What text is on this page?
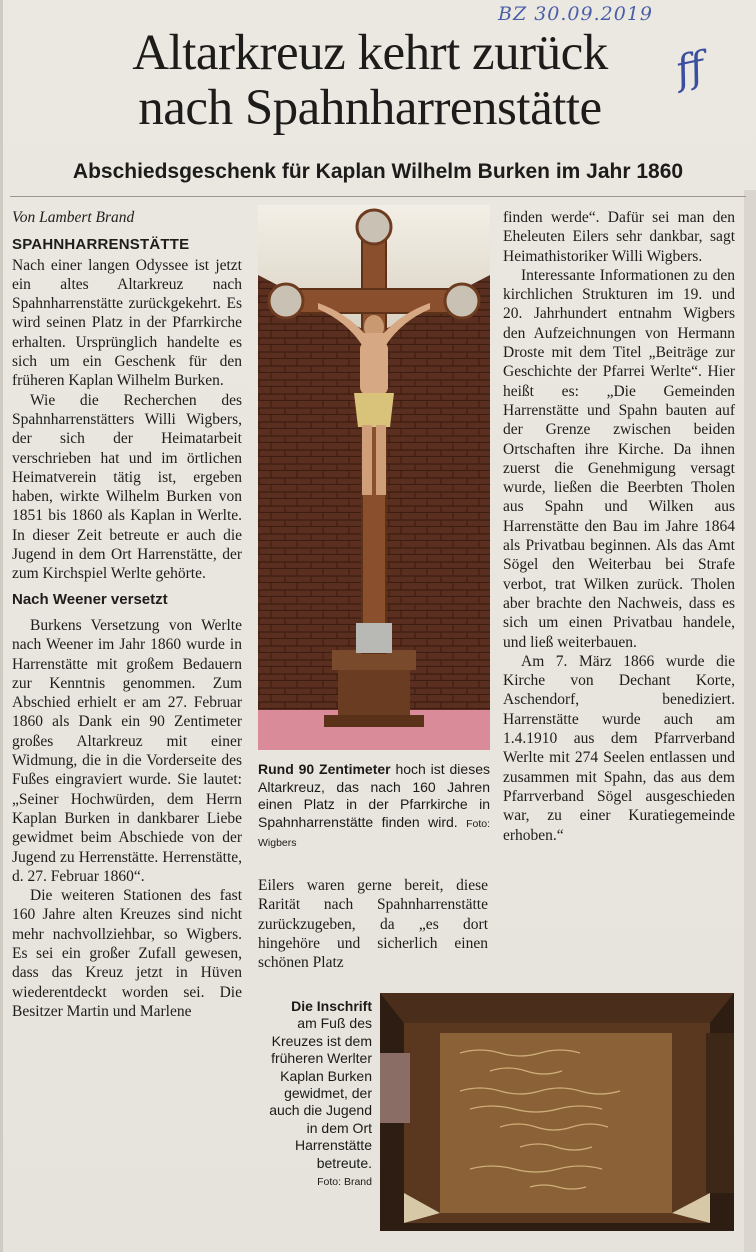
BZ 30.09.2019
ff
Altarkreuz kehrt zurück
nach Spahnharrenstätte
Abschiedsgeschenk für Kaplan Wilhelm Burken im Jahr 1860

Von Lambert Brand

SPAHNHARRENSTÄTTE
Nach einer langen Odyssee ist jetzt ein altes Altarkreuz nach Spahnharrenstätte zurückgekehrt. Es wird seinen Platz in der Pfarrkirche erhalten. Ursprünglich handelte es sich um ein Geschenk für den früheren Kaplan Wilhelm Burken.

Wie die Recherchen des Spahnharrenstätters Willi Wigbers, der sich der Heimatarbeit verschrieben hat und im örtlichen Heimatverein tätig ist, ergeben haben, wirkte Wilhelm Burken von 1851 bis 1860 als Kaplan in Werlte. In dieser Zeit betreute er auch die Jugend in dem Ort Harrenstätte, der zum Kirchspiel Werlte gehörte.

Nach Weener versetzt

Burkens Versetzung von Werlte nach Weener im Jahr 1860 wurde in Harrenstätte mit großem Bedauern zur Kenntnis genommen. Zum Abschied erhielt er am 27. Februar 1860 als Dank ein 90 Zentimeter großes Altarkreuz mit einer Widmung, die in die Vorderseite des Fußes eingraviert wurde. Sie lautet: „Seiner Hochwürden, dem Herrn Kaplan Burken in dankbarer Liebe gewidmet beim Abschiede von der Jugend zu Herrenstätte. Herrenstätte, d. 27. Februar 1860“.

Die weiteren Stationen des fast 160 Jahre alten Kreuzes sind nicht mehr nachvollziehbar, so Wigbers. Es sei ein großer Zufall gewesen, dass das Kreuz jetzt in Hüven wiederentdeckt worden sei. Die Besitzer Martin und Marlene

Rund 90 Zentimeter hoch ist dieses Altarkreuz, das nach 160 Jahren einen Platz in der Pfarrkirche in Spahnharrenstätte finden wird. Foto: Wigbers

Eilers waren gerne bereit, diese Rarität nach Spahnharrenstätte zurückzugeben, da „es dort hingehöre und sicherlich einen schönen Platz

finden werde“. Dafür sei man den Eheleuten Eilers sehr dankbar, sagt Heimathistoriker Willi Wigbers.

Interessante Informationen zu den kirchlichen Strukturen im 19. und 20. Jahrhundert entnahm Wigbers den Aufzeichnungen von Hermann Droste mit dem Titel „Beiträge zur Geschichte der Pfarrei Werlte“. Hier heißt es: „Die Gemeinden Harrenstätte und Spahn bauten auf der Grenze zwischen beiden Ortschaften ihre Kirche. Da ihnen zuerst die Genehmigung versagt wurde, ließen die Beerbten Tholen aus Spahn und Wilken aus Harrenstätte den Bau im Jahre 1864 als Privatbau beginnen. Als das Amt Sögel den Weiterbau bei Strafe verbot, trat Wilken zurück. Tholen aber brachte den Nachweis, dass es sich um einen Privatbau handele, und ließ weiterbauen.

Am 7. März 1866 wurde die Kirche von Dechant Korte, Aschendorf, benediziert. Harrenstätte wurde auch am 1.4.1910 aus dem Pfarrverband Werlte mit 274 Seelen entlassen und zusammen mit Spahn, das aus dem Pfarrverband Sögel ausgeschieden war, zu einer Kuratiegemeinde erhoben.“

Die Inschrift
am Fuß des Kreuzes ist dem früheren Werlter Kaplan Burken gewidmet, der auch die Jugend in dem Ort Harrenstätte betreute.
Foto: Brand
